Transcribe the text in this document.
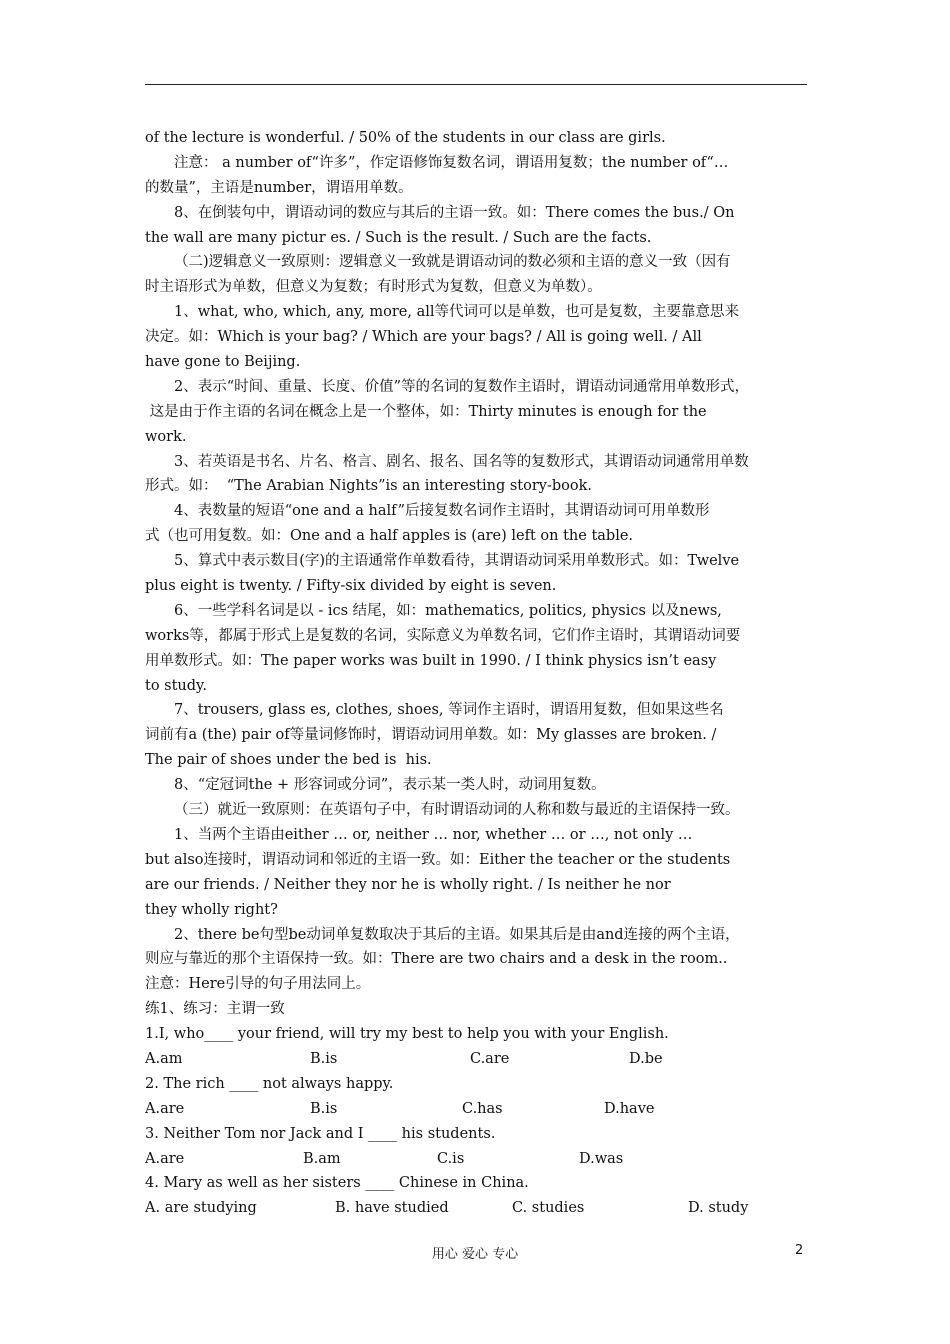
of the lecture is wonderful. / 50% of the students in our class are girls.
注意： a number of“许多”，作定语修饰复数名词，谓语用复数；the number of“…
的数量”，主语是number，谓语用单数。
8、在倒装句中，谓语动词的数应与其后的主语一致。如：There comes the bus./ On
the wall are many pictur es. / Such is the result. / Such are the facts.
（二)逻辑意义一致原则：逻辑意义一致就是谓语动词的数必须和主语的意义一致（因有
时主语形式为单数，但意义为复数；有时形式为复数，但意义为单数）。
1、what, who, which, any, more, all等代词可以是单数，也可是复数，主要靠意思来
决定。如：Which is your bag? / Which are your bags? / All is going well. / All
have gone to Beijing.
2、表示“时间、重量、长度、价值”等的名词的复数作主语时，谓语动词通常用单数形式，
这是由于作主语的名词在概念上是一个整体，如：Thirty minutes is enough for the
work.
3、若英语是书名、片名、格言、剧名、报名、国名等的复数形式，其谓语动词通常用单数
形式。如：  “The Arabian Nights”is an interesting story-book.
4、表数量的短语“one and a half”后接复数名词作主语时，其谓语动词可用单数形
式（也可用复数。如：One and a half apples is (are) left on the table.
5、算式中表示数目(字)的主语通常作单数看待，其谓语动词采用单数形式。如：Twelve
plus eight is twenty. / Fifty-six divided by eight is seven.
6、一些学科名词是以 - ics 结尾，如：mathematics, politics, physics 以及news,
works等，都属于形式上是复数的名词，实际意义为单数名词，它们作主语时，其谓语动词要
用单数形式。如：The paper works was built in 1990. / I think physics isn’t easy
to study.
7、trousers, glass es, clothes, shoes, 等词作主语时，谓语用复数，但如果这些名
词前有a (the) pair of等量词修饰时，谓语动词用单数。如：My glasses are broken. /
The pair of shoes under the bed is  his.
8、“定冠词the + 形容词或分词”，表示某一类人时，动词用复数。
（三）就近一致原则：在英语句子中，有时谓语动词的人称和数与最近的主语保持一致。
1、当两个主语由either … or, neither … nor, whether … or …, not only …
but also连接时，谓语动词和邻近的主语一致。如：Either the teacher or the students
are our friends. / Neither they nor he is wholly right. / Is neither he nor
they wholly right?
2、there be句型be动词单复数取决于其后的主语。如果其后是由and连接的两个主语，
则应与靠近的那个主语保持一致。如：There are two chairs and a desk in the room..
注意：Here引导的句子用法同上。
练1、练习：主谓一致
1.I, who____ your friend, will try my best to help you with your English.
A.am	B.is	C.are	D.be
2. The rich ____ not always happy.
A.are	B.is	C.has	D.have
3. Neither Tom nor Jack and I ____ his students.
A.are	B.am	C.is	D.was
4. Mary as well as her sisters ____ Chinese in China.
A. are studying	B. have studied	C. studies	D. study
用心 爱心 专心	2
